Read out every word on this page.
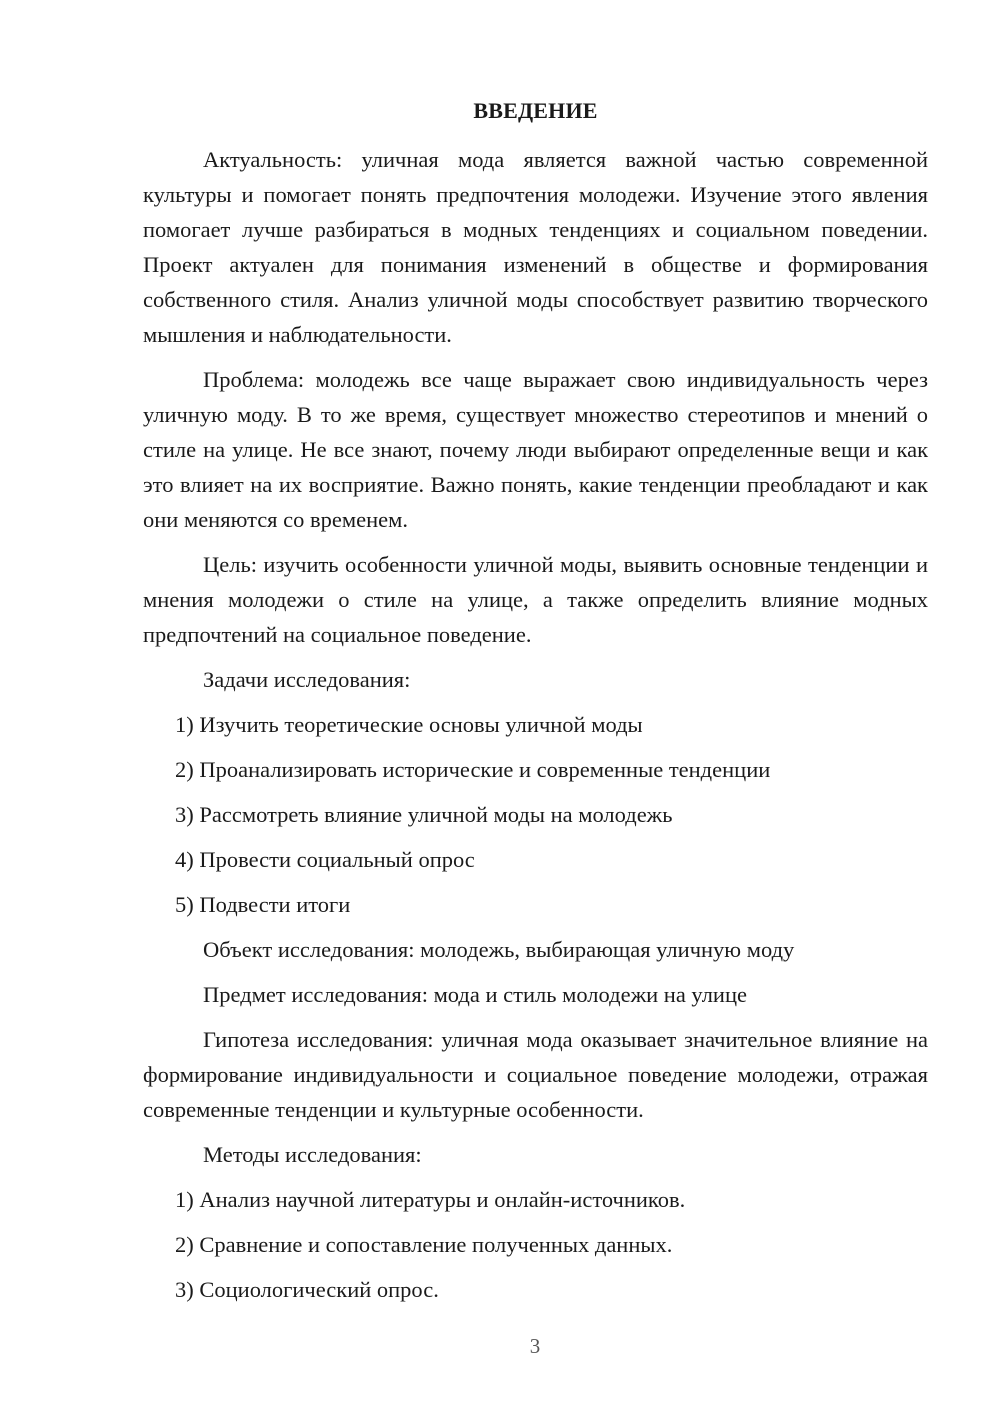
ВВЕДЕНИЕ

Актуальность: уличная мода является важной частью современной культуры и помогает понять предпочтения молодежи. Изучение этого явления помогает лучше разбираться в модных тенденциях и социальном поведении. Проект актуален для понимания изменений в обществе и формирования собственного стиля. Анализ уличной моды способствует развитию творческого мышления и наблюдательности.

Проблема: молодежь все чаще выражает свою индивидуальность через уличную моду. В то же время, существует множество стереотипов и мнений о стиле на улице. Не все знают, почему люди выбирают определенные вещи и как это влияет на их восприятие. Важно понять, какие тенденции преобладают и как они меняются со временем.

Цель: изучить особенности уличной моды, выявить основные тенденции и мнения молодежи о стиле на улице, а также определить влияние модных предпочтений на социальное поведение.

Задачи исследования:

1) Изучить теоретические основы уличной моды

2) Проанализировать исторические и современные тенденции

3) Рассмотреть влияние уличной моды на молодежь

4) Провести социальный опрос

5) Подвести итоги

Объект исследования: молодежь, выбирающая уличную моду

Предмет исследования: мода и стиль молодежи на улице

Гипотеза исследования: уличная мода оказывает значительное влияние на формирование индивидуальности и социальное поведение молодежи, отражая современные тенденции и культурные особенности.

Методы исследования:

1) Анализ научной литературы и онлайн-источников.

2) Сравнение и сопоставление полученных данных.

3) Социологический опрос.

3
